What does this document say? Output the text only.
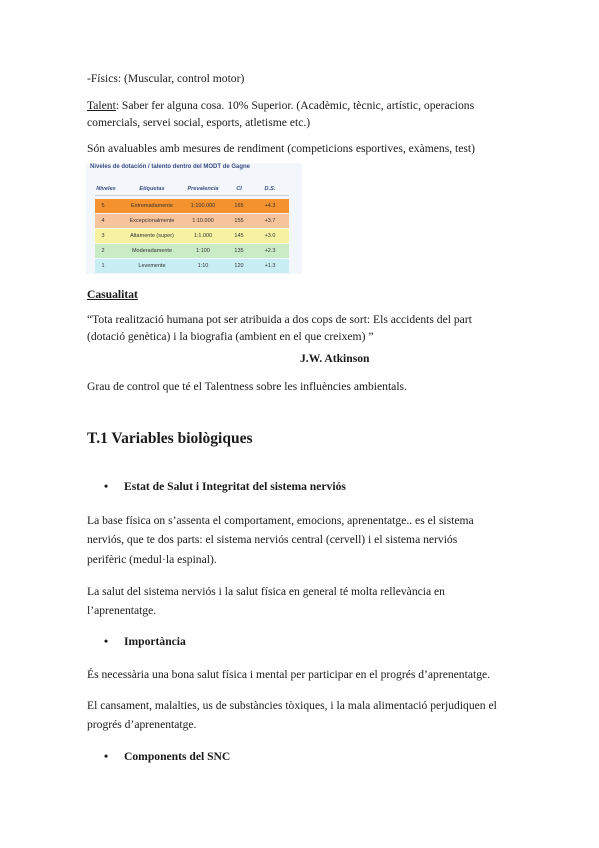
-Físics: (Muscular, control motor)
Talent: Saber fer alguna cosa. 10% Superior. (Acadèmic, tècnic, artístic, operacions
comercials, servei social, esports, atletisme etc.)
Són avaluables amb mesures de rendiment (competicions esportives, exàmens, test)
Niveles de dotación / talento dentro del MODT de Gagne
Niveles	Etiquetas	Prevalencia	CI	D.S.
5	Extremadamente	1:100.000	165	+4.3
4	Excepcionalmente	1:10.000	155	+3.7
3	Altamente (super)	1:1.000	145	+3.0
2	Moderadamente	1:100	135	+2.3
1	Levemente	1:10	120	+1.3
Casualitat
“Tota realització humana pot ser atribuida a dos cops de sort: Els accidents del part
(dotació genètica) i la biografia (ambient en el que creixem) ”
J.W. Atkinson
Grau de control que té el Talentness sobre les influències ambientals.
T.1 Variables biològiques
• Estat de Salut i Integritat del sistema nerviós
La base física on s’assenta el comportament, emocions, aprenentatge.. es el sistema
nerviós, que te dos parts: el sistema nerviós central (cervell) i el sistema nerviós
perifèric (medul·la espinal).
La salut del sistema nerviós i la salut física en general té molta rellevància en
l’aprenentatge.
• Importància
És necessària una bona salut física i mental per participar en el progrés d’aprenentatge.
El cansament, malalties, us de substàncies tòxiques, i la mala alimentació perjudiquen el
progrés d’aprenentatge.
• Components del SNC
